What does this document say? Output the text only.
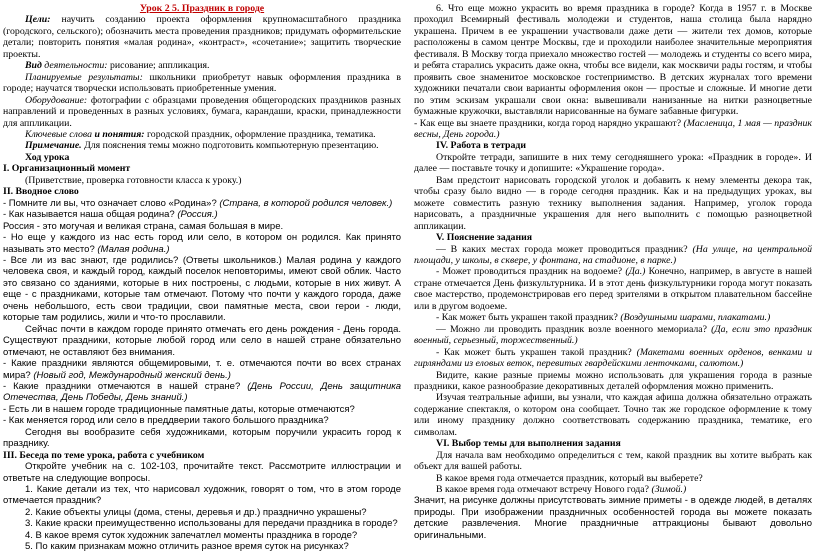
Урок 2 5. Праздник в городе

Цели: научить созданию проекта оформления крупномасштабного праздника (городского, сельского); обозначить места проведения праздников; придумать оформительские детали; повторить понятия «малая родина», «контраст», «сочетание»; защитить творческие проекты.

Вид деятельности: рисование; аппликация.

Планируемые результаты: школьники приобретут навык оформления праздника в городе; научатся творчески использовать приобретенные умения.

Оборудование: фотографии с образцами проведения общегородских праздников разных направлений и проведенных в разных условиях, бумага, карандаши, краски, принадлежности для аппликации.

Ключевые слова и понятия: городской праздник, оформление праздника, тематика.

Примечание. Для пояснения темы можно подготовить компьютерную презентацию.

Ход урока

I. Организационный момент

(Приветствие, проверка готовности класса к уроку.)

II. Вводное слово

- Помните ли вы, что означает слово «Родина»? (Страна, в которой родился человек.)

- Как называется наша общая родина? (Россия.)

Россия - это могучая и великая страна, самая большая в мире.

- Но еще у каждого из нас есть город или село, в котором он родился. Как принято называть это место? (Малая родина.)

- Все ли из вас знают, где родились? (Ответы школьников.) Малая родина у каждого человека своя, и каждый город, каждый поселок неповторимы, имеют свой облик. Часто это связано со зданиями, которые в них построены, с людьми, которые в них живут. А еще - с праздниками, которые там отмечают. Потому что почти у каждого города, даже очень небольшого, есть свои традиции, свои памятные места, свои герои - люди, которые там родились, жили и что-то прославили.

Сейчас почти в каждом городе принято отмечать его день рождения - День города. Существуют праздники, которые любой город или село в нашей стране обязательно отмечают, не оставляют без внимания.

- Какие праздники являются общемировыми, т. е. отмечаются почти во всех странах мира? (Новый год, Международный женский день.)

- Какие праздники отмечаются в нашей стране? (День России, День защитника Отечества, День Победы, День знаний.)

- Есть ли в нашем городе традиционные памятные даты, которые отмечаются?

- Как меняется город или село в преддверии такого большого праздника?

Сегодня вы вообразите себя художниками, которым поручили украсить город к празднику.

III. Беседа по теме урока, работа с учебником

Откройте учебник на с. 102-103, прочитайте текст. Рассмотрите иллюстрации и ответьте на следующие вопросы.

1. Какие детали из тех, что нарисовал художник, говорят о том, что в этом городе отмечается праздник?

2. Какие объекты улицы (дома, стены, деревья и др.) празднично украшены?

3. Какие краски преимущественно использованы для передачи праздника в городе?

4. В какое время суток художник запечатлел моменты праздника в городе?

5. По каким признакам можно отличить разное время суток на рисунках?

6. Что еще можно украсить во время праздника в городе? Когда в 1957 г. в Москве проходил Всемирный фестиваль молодежи и студентов, наша столица была нарядно украшена. Причем в ее украшении участвовали даже дети — жители тех домов, которые расположены в самом центре Москвы, где и проходили наиболее значительные мероприятия фестиваля. В Москву тогда приехало множество гостей — молодежь и студенты со всего мира, и ребята старались украсить даже окна, чтобы все видели, как москвичи рады гостям, и чтобы проявить свое знаменитое московское гостеприимство. В детских журналах того времени художники печатали свои варианты оформления окон — простые и сложные. И многие дети по этим эскизам украшали свои окна: вывешивали нанизанные на нитки разноцветные бумажные кружочки, выставляли нарисованные на бумаге забавные фигурки.

- Как еще вы знаете праздники, когда город нарядно украшают? (Масленица, 1 мая — праздник весны, День города.)

IV. Работа в тетради

Откройте тетради, запишите в них тему сегодняшнего урока: «Праздник в городе». И далее — поставьте точку и допишите: «Украшение города».

Вам предстоит нарисовать городской уголок и добавить к нему элементы декора так, чтобы сразу было видно — в городе сегодня праздник. Как и на предыдущих уроках, вы можете совместить разную технику выполнения задания. Например, уголок города нарисовать, а праздничные украшения для него выполнить с помощью разноцветной аппликации.

V. Пояснение задания

— В каких местах города может проводиться праздник? (На улице, на центральной площади, у школы, в сквере, у фонтана, на стадионе, в парке.)

- Может проводиться праздник на водоеме? (Да.) Конечно, например, в августе в нашей стране отмечается День физкультурника. И в этот день физкультурники города могут показать свое мастерство, продемонстрировав его перед зрителями в открытом плавательном бассейне или в другом водоеме.

- Как может быть украшен такой праздник? (Воздушными шарами, плакатами.)

— Можно ли проводить праздник возле военного мемориала? (Да, если это праздник военный, серьезный, торжественный.)

- Как может быть украшен такой праздник? (Макетами военных орденов, венками и гирляндами из еловых веток, перевитых гвардейскими ленточками, салютом.)

Видите, какие разные приемы можно использовать для украшения города в разные праздники, какое разнообразие декоративных деталей оформления можно применить.

Изучая театральные афиши, вы узнали, что каждая афиша должна обязательно отражать содержание спектакля, о котором она сообщает. Точно так же городское оформление к тому или иному празднику должно соответствовать содержанию праздника, тематике, его символам.

VI. Выбор темы для выполнения задания

Для начала вам необходимо определиться с тем, какой праздник вы хотите выбрать как объект для вашей работы.

В какое время года отмечается праздник, который вы выберете?

В какое время года отмечают встречу Нового года? (Зимой.)

Значит, на рисунке должны присутствовать зимние приметы - в одежде людей, в деталях природы. При изображении праздничных особенностей города вы можете показать детские развлечения. Многие праздничные аттракционы бывают довольно оригинальными.
